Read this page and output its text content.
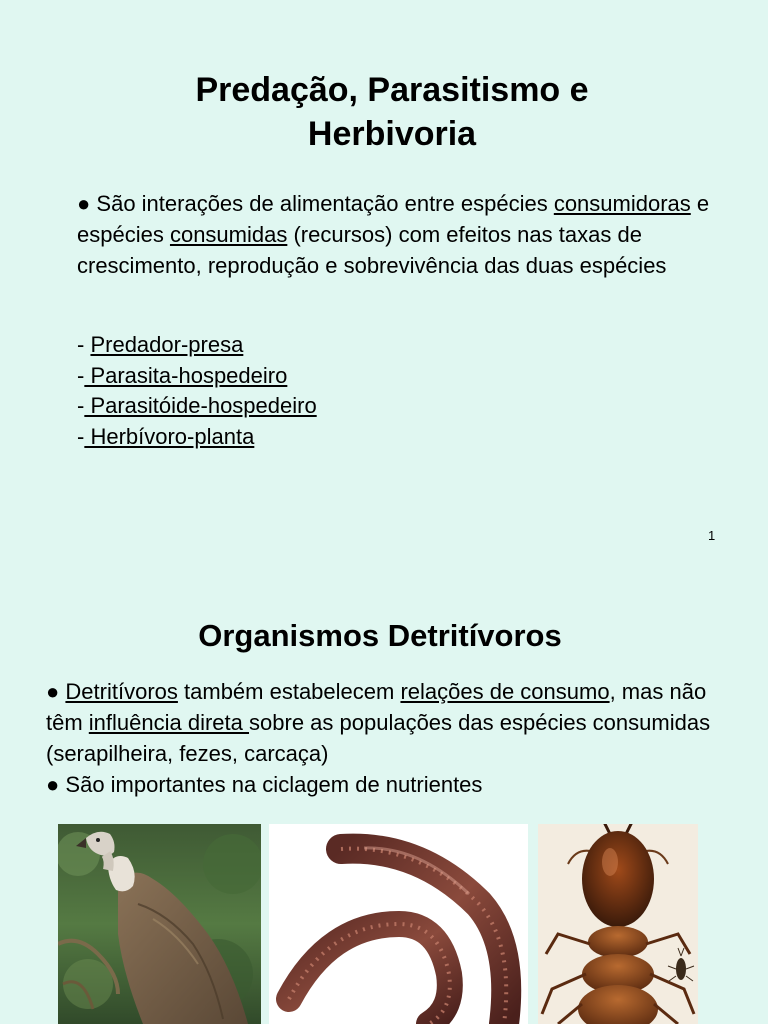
Predação, Parasitismo e
Herbivoria

● São interações de alimentação entre espécies consumidoras e espécies consumidas (recursos) com efeitos nas taxas de crescimento, reprodução e sobrevivência das duas espécies

- Predador-presa
- Parasita-hospedeiro
- Parasitóide-hospedeiro
- Herbívoro-planta
1
Organismos Detritívoros

● Detritívoros também estabelecem relações de consumo, mas não têm influência direta sobre as populações das espécies consumidas (serapilheira, fezes, carcaça)
● São importantes na ciclagem de nutrientes
